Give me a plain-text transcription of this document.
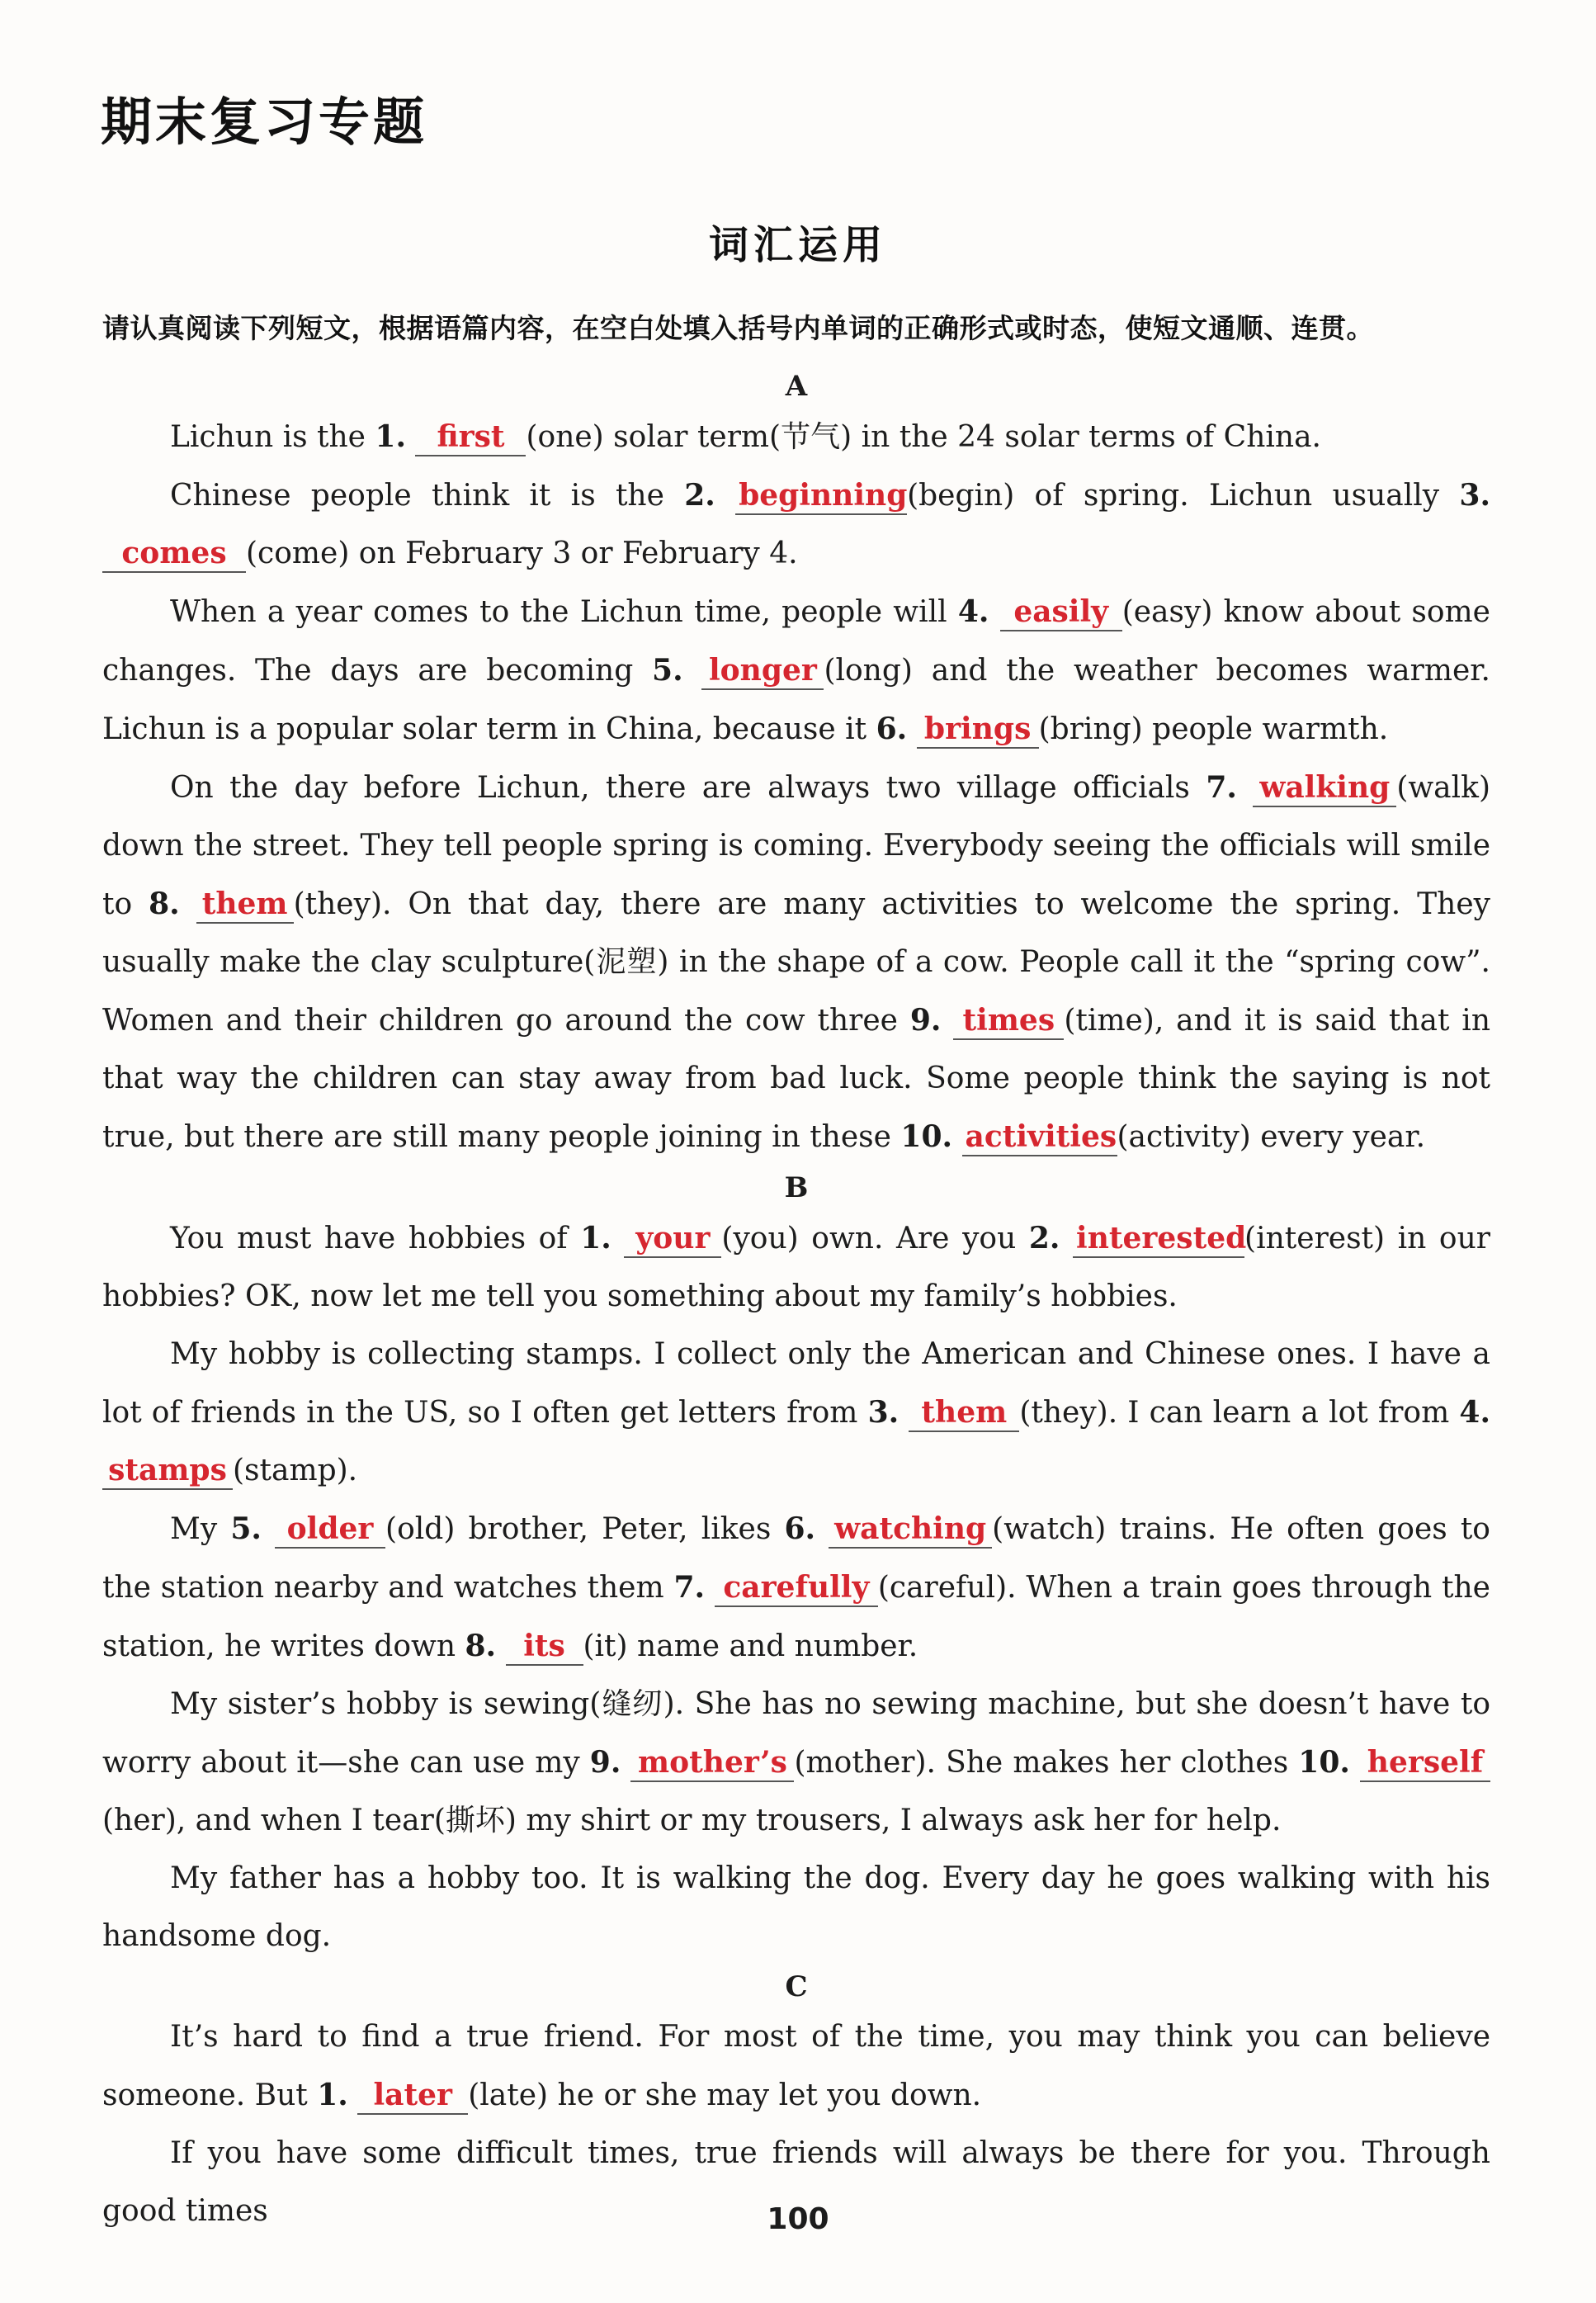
期末复习专题
词汇运用
请认真阅读下列短文，根据语篇内容，在空白处填入括号内单词的正确形式或时态，使短文通顺、连贯。
A

Lichun is the 1. first (one) solar term(节气) in the 24 solar terms of China.

Chinese people think it is the 2. beginning(begin) of spring. Lichun usually 3. comes (come) on February 3 or February 4.

When a year comes to the Lichun time, people will 4. easily (easy) know about some changes. The days are becoming 5. longer (long) and the weather becomes warmer. Lichun is a popular solar term in China, because it 6. brings (bring) people warmth.

On the day before Lichun, there are always two village officials 7. walking (walk) down the street. They tell people spring is coming. Everybody seeing the officials will smile to 8. them (they). On that day, there are many activities to welcome the spring. They usually make the clay sculpture(泥塑) in the shape of a cow. People call it the “spring cow”. Women and their children go around the cow three 9. times (time), and it is said that in that way the children can stay away from bad luck. Some people think the saying is not true, but there are still many people joining in these 10. activities(activity) every year.

B

You must have hobbies of 1. your (you) own. Are you 2. interested(interest) in our hobbies? OK, now let me tell you something about my family’s hobbies.

My hobby is collecting stamps. I collect only the American and Chinese ones. I have a lot of friends in the US, so I often get letters from 3. them (they). I can learn a lot from 4. stamps (stamp).

My 5. older (old) brother, Peter, likes 6. watching (watch) trains. He often goes to the station nearby and watches them 7. carefully (careful). When a train goes through the station, he writes down 8. its (it) name and number.

My sister’s hobby is sewing(缝纫). She has no sewing machine, but she doesn’t have to worry about it—she can use my 9. mother’s (mother). She makes her clothes 10. herself(her), and when I tear(撕坏) my shirt or my trousers, I always ask her for help.

My father has a hobby too. It is walking the dog. Every day he goes walking with his handsome dog.

C

It’s hard to find a true friend. For most of the time, you may think you can believe someone. But 1. later (late) he or she may let you down.

If you have some difficult times, true friends will always be there for you. Through good times	100
